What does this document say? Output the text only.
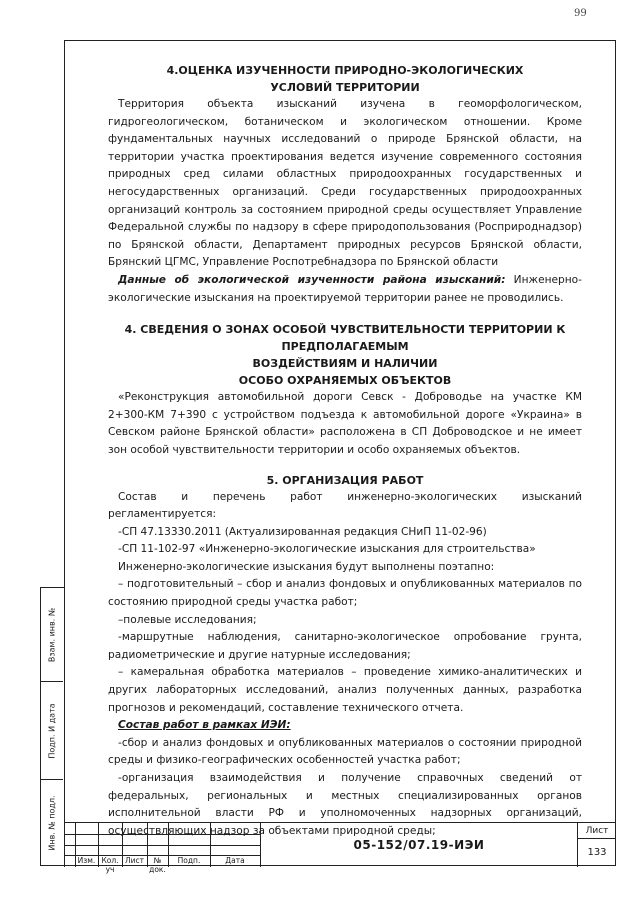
99
Взам. инв. №
Подп. И дата
Инв. № подл.

4.ОЦЕНКА ИЗУЧЕННОСТИ ПРИРОДНО-ЭКОЛОГИЧЕСКИХ

УСЛОВИЙ ТЕРРИТОРИИ

Территория объекта изысканий изучена в геоморфологическом, гидрогеологическом, ботаническом и экологическом отношении. Кроме фундаментальных научных исследований о природе Брянской области, на территории участка проектирования ведется изучение современного состояния природных сред силами областных природоохранных государственных и негосударственных организаций. Среди государственных природоохранных организаций контроль за состоянием природной среды осуществляет Управление Федеральной службы по надзору в сфере природопользования (Росприроднадзор) по Брянской области, Департамент природных ресурсов Брянской области, Брянский ЦГМС, Управление Роспотребнадзора по Брянской области

Данные об экологической изученности района изысканий: Инженерно-экологические изыскания на проектируемой территории ранее не проводились.

4. СВЕДЕНИЯ О ЗОНАХ ОСОБОЙ ЧУВСТВИТЕЛЬНОСТИ ТЕРРИТОРИИ К ПРЕДПОЛАГАЕМЫМ

ВОЗДЕЙСТВИЯМ И НАЛИЧИИ

ОСОБО ОХРАНЯЕМЫХ ОБЪЕКТОВ

«Реконструкция автомобильной дороги Севск - Доброводье на участке КМ 2+300-КМ 7+390 с устройством подъезда к автомобильной дороге «Украина» в Севском районе Брянской области» расположена в СП Доброводское и не имеет зон особой чувствительности территории и особо охраняемых объектов.

5. ОРГАНИЗАЦИЯ РАБОТ

Состав и перечень работ инженерно-экологических изысканий регламентируется:

-СП 47.13330.2011 (Актуализированная редакция СНиП 11-02-96)

-СП 11-102-97 «Инженерно-экологические изыскания для строительства»

Инженерно-экологические изыскания будут выполнены поэтапно:

– подготовительный – сбор и анализ фондовых и опубликованных материалов по состоянию природной среды участка работ;

–полевые исследования;

-маршрутные наблюдения, санитарно-экологическое опробование грунта, радиометрические и другие натурные исследования;

– камеральная обработка материалов – проведение химико-аналитических и других лабораторных исследований, анализ полученных данных, разработка прогнозов и рекомендаций, составление технического отчета.

Состав работ в рамках ИЭИ:

-сбор и анализ фондовых и опубликованных материалов о состоянии природной среды и физико-географических особенностей участка работ;

-организация взаимодействия и получение справочных сведений от федеральных, региональных и местных специализированных органов исполнительной власти РФ и уполномоченных надзорных организаций, осуществляющих надзор за объектами природной среды;

Изм. Кол. уч
Лист	№ док.
Подп.	Дата
05-152/07.19-ИЭИ
Лист
133
